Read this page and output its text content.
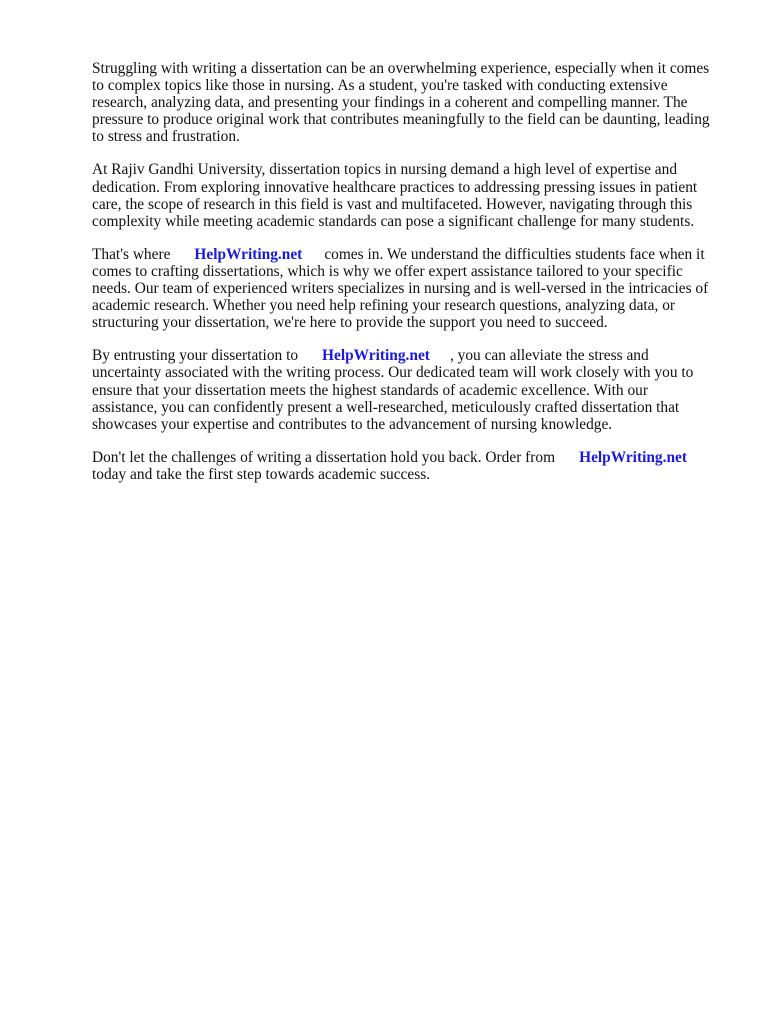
Struggling with writing a dissertation can be an overwhelming experience, especially when it comes
to complex topics like those in nursing. As a student, you're tasked with conducting extensive
research, analyzing data, and presenting your findings in a coherent and compelling manner. The
pressure to produce original work that contributes meaningfully to the field can be daunting, leading
to stress and frustration.

At Rajiv Gandhi University, dissertation topics in nursing demand a high level of expertise and
dedication. From exploring innovative healthcare practices to addressing pressing issues in patient
care, the scope of research in this field is vast and multifaceted. However, navigating through this
complexity while meeting academic standards can pose a significant challenge for many students.

That's where HelpWriting.net comes in. We understand the difficulties students face when it
comes to crafting dissertations, which is why we offer expert assistance tailored to your specific
needs. Our team of experienced writers specializes in nursing and is well-versed in the intricacies of
academic research. Whether you need help refining your research questions, analyzing data, or
structuring your dissertation, we're here to provide the support you need to succeed.

By entrusting your dissertation to HelpWriting.net , you can alleviate the stress and
uncertainty associated with the writing process. Our dedicated team will work closely with you to
ensure that your dissertation meets the highest standards of academic excellence. With our
assistance, you can confidently present a well-researched, meticulously crafted dissertation that
showcases your expertise and contributes to the advancement of nursing knowledge.

Don't let the challenges of writing a dissertation hold you back. Order from HelpWriting.net
today and take the first step towards academic success.
